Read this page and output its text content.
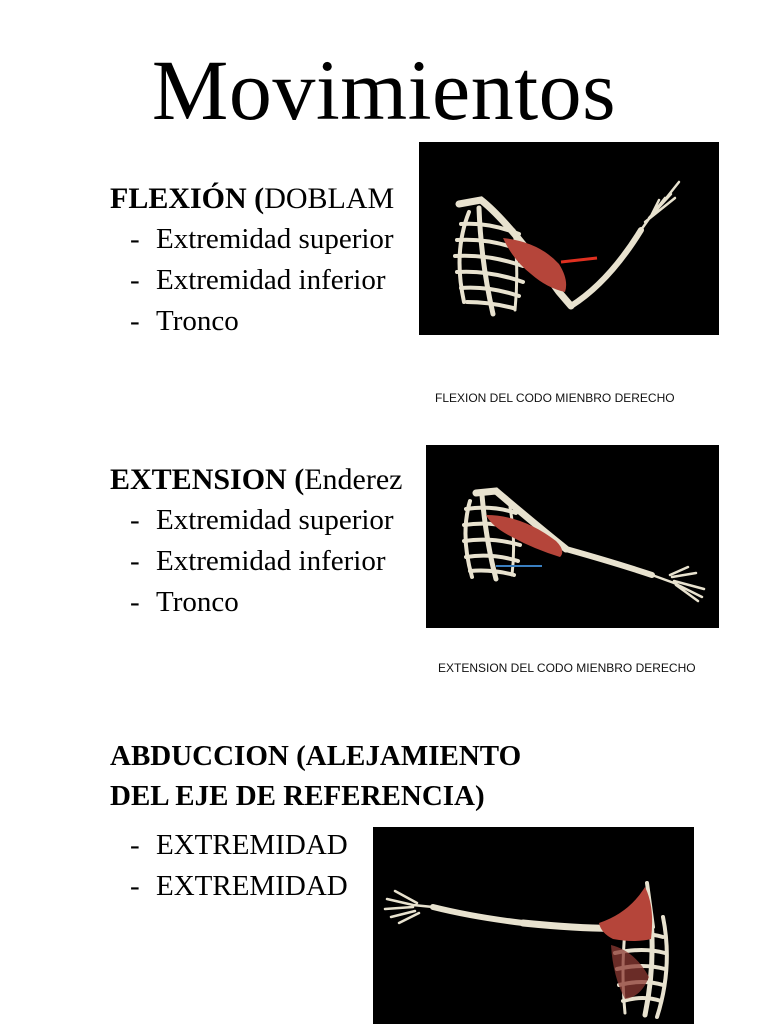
Movimientos
FLEXIÓN (DOBLAM
- Extremidad superior
- Extremidad inferior
- Tronco
FLEXION DEL CODO MIENBRO DERECHO
EXTENSION (Enderez
- Extremidad superior
- Extremidad inferior
- Tronco
EXTENSION DEL CODO MIENBRO DERECHO
ABDUCCION (ALEJAMIENTO
DEL EJE DE REFERENCIA)
- EXTREMIDAD
- EXTREMIDAD
